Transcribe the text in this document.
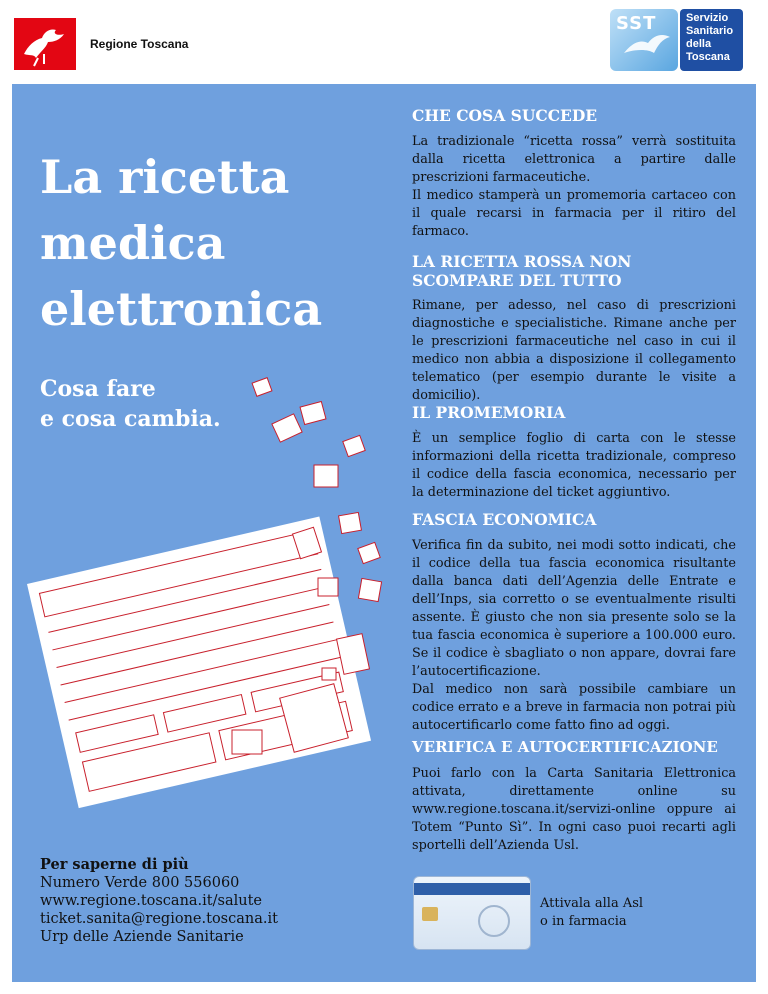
Regione Toscana
SST	Servizio
Sanitario
della
Toscana
La ricetta
medica
elettronica
Cosa fare
e cosa cambia.
CHE COSA SUCCEDE

La tradizionale “ricetta rossa” verrà sostituita dalla ricetta elettronica a partire dalle prescrizioni farmaceutiche.
Il medico stamperà un promemoria cartaceo con il quale recarsi in farmacia per il ritiro del farmaco.

LA RICETTA ROSSA NON SCOMPARE DEL TUTTO

Rimane, per adesso, nel caso di prescrizioni diagnostiche e specialistiche. Rimane anche per le prescrizioni farmaceutiche nel caso in cui il medico non abbia a disposizione il collegamento telematico (per esempio durante le visite a domicilio).

IL PROMEMORIA

È un semplice foglio di carta con le stesse informazioni della ricetta tradizionale, compreso il codice della fascia economica, necessario per la determinazione del ticket aggiuntivo.

FASCIA ECONOMICA

Verifica fin da subito, nei modi sotto indicati, che il codice della tua fascia economica risultante dalla banca dati dell’Agenzia delle Entrate e dell’Inps, sia corretto o se eventualmente risulti assente. È giusto che non sia presente solo se la tua fascia economica è superiore a 100.000 euro. Se il codice è sbagliato o non appare, dovrai fare l’autocertificazione.
Dal medico non sarà possibile cambiare un codice errato e a breve in farmacia non potrai più autocertificarlo come fatto fino ad oggi.

VERIFICA E AUTOCERTIFICAZIONE

Puoi farlo con la Carta Sanitaria Elettronica attivata, direttamente online su www.regione.toscana.it/servizi-online oppure ai Totem “Punto Sì”. In ogni caso puoi recarti agli sportelli dell’Azienda Usl.

Per saperne di più
Numero Verde 800 556060
www.regione.toscana.it/salute
ticket.sanita@regione.toscana.it
Urp delle Aziende Sanitarie
Attivala alla Asl
o in farmacia
